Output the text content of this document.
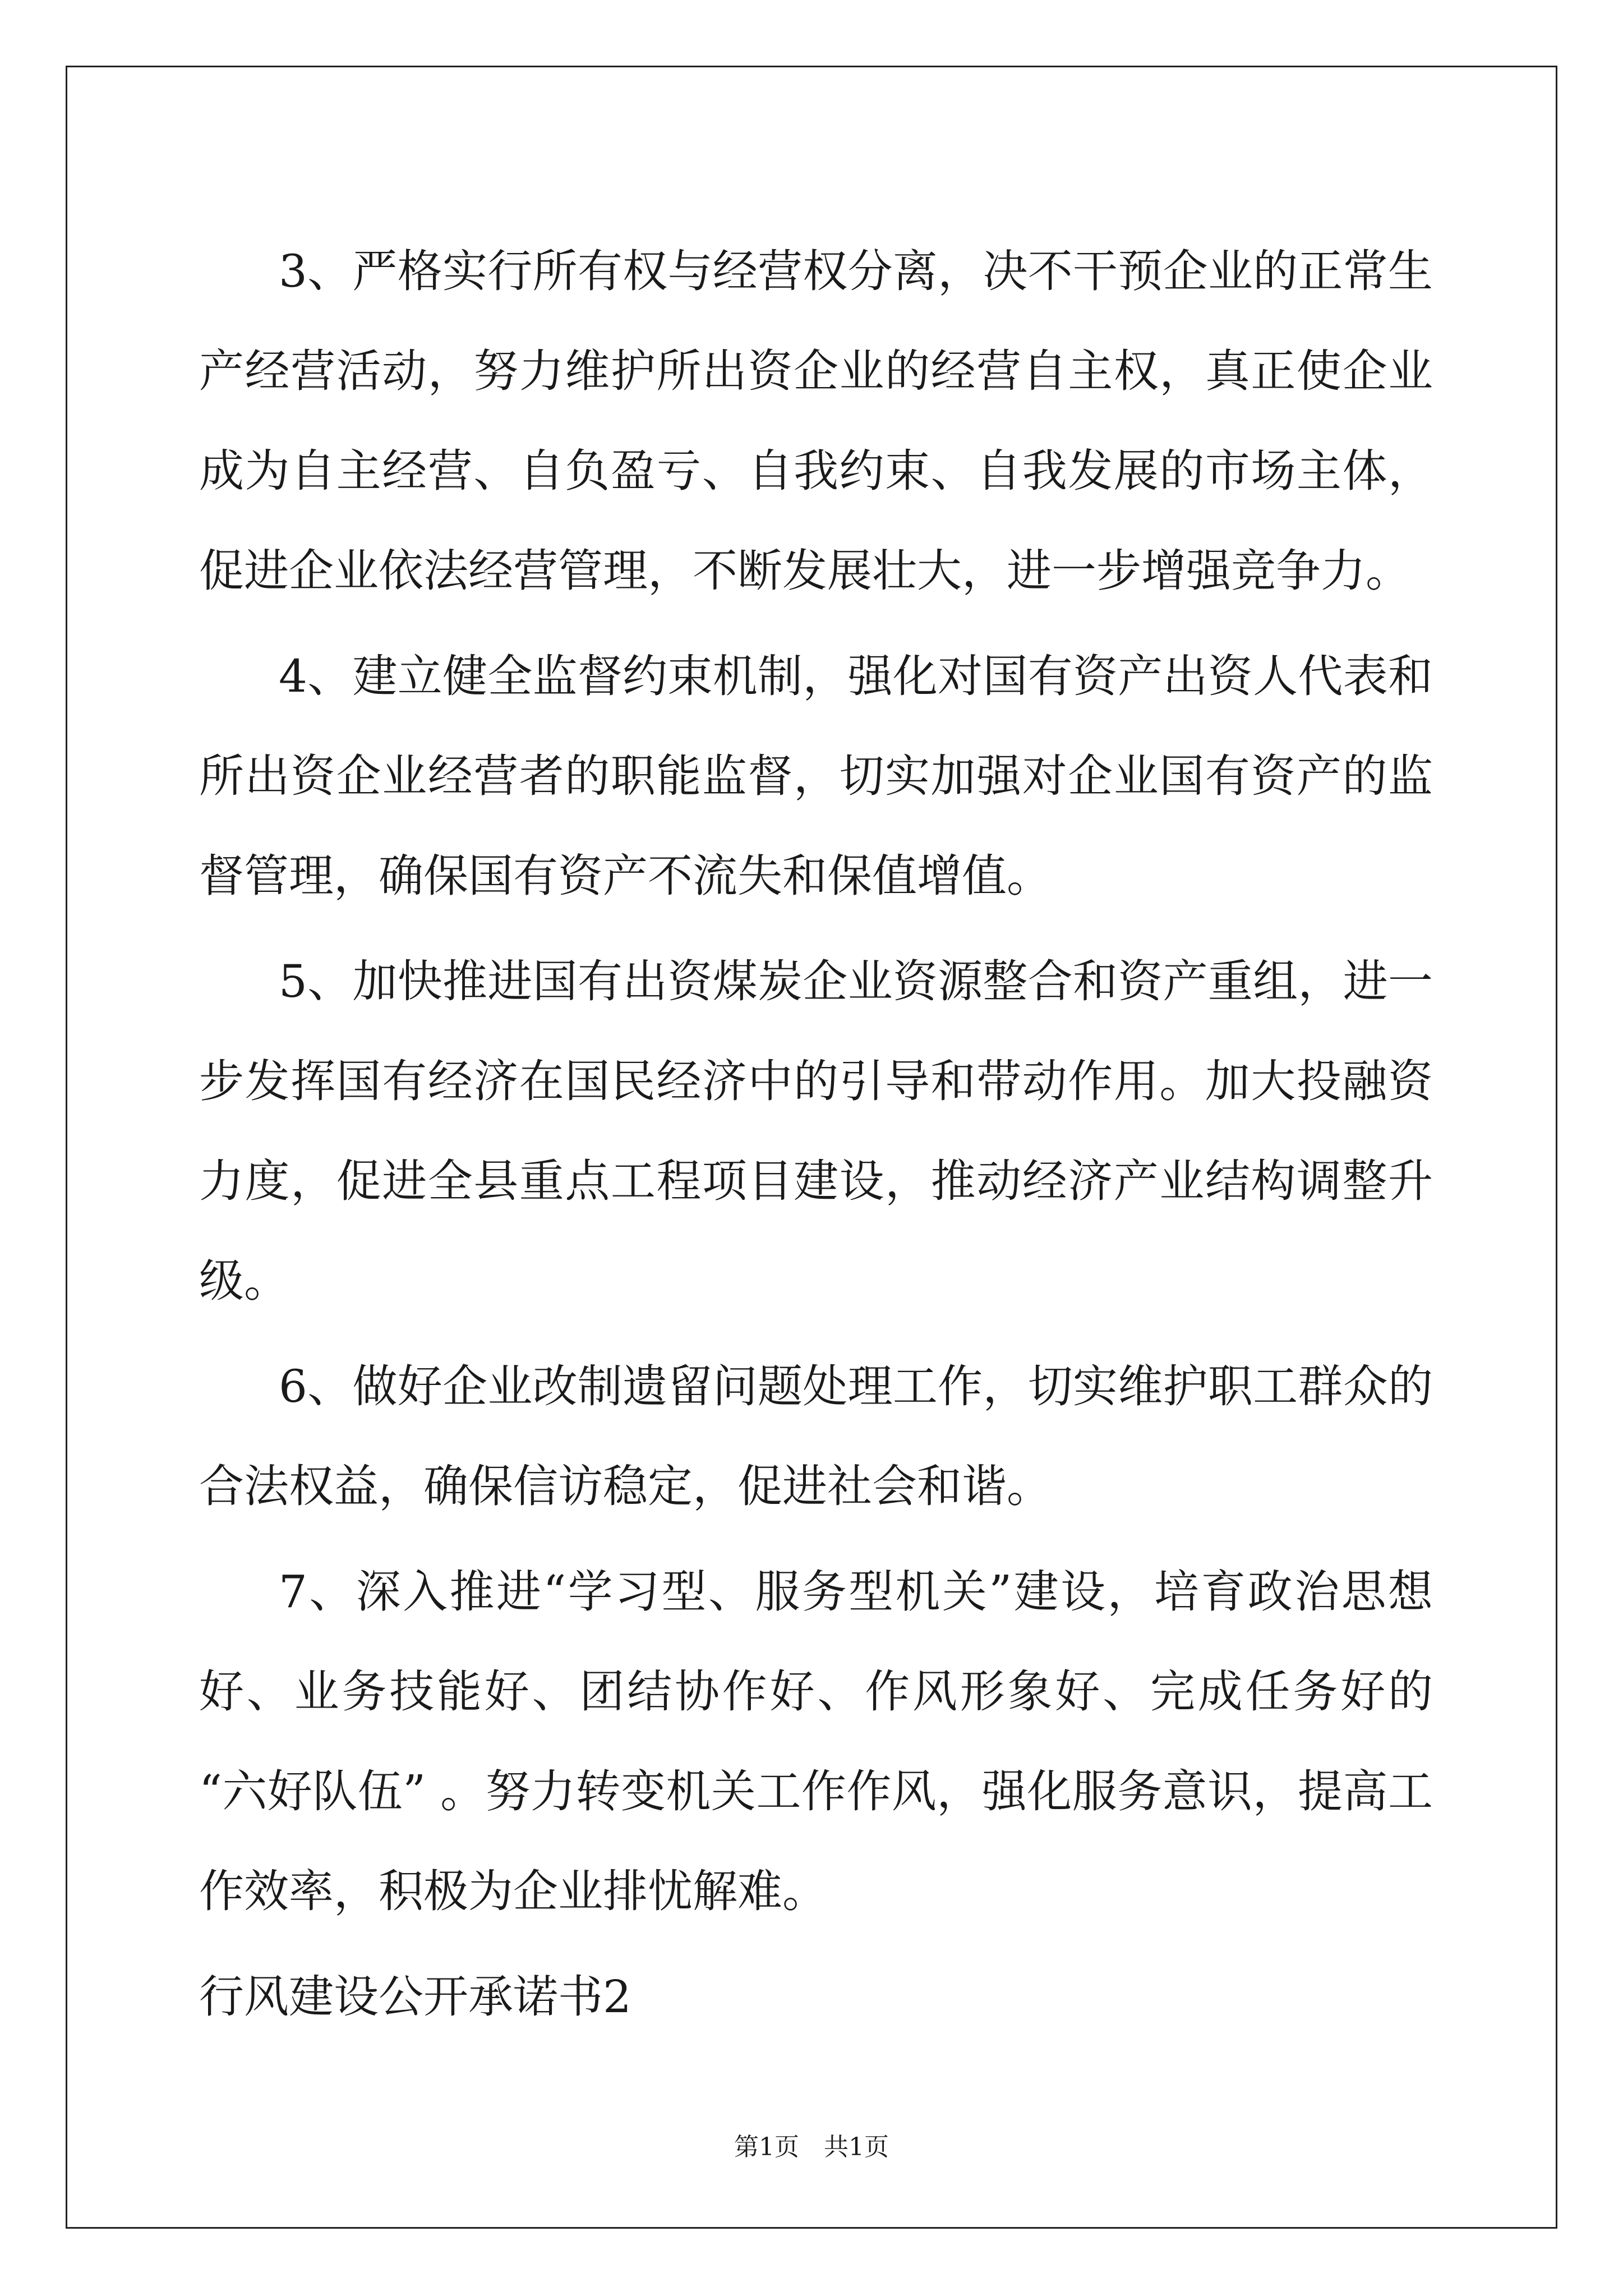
3、严格实行所有权与经营权分离，决不干预企业的正常生产经营活动，努力维护所出资企业的经营自主权，真正使企业成为自主经营、自负盈亏、自我约束、自我发展的市场主体，促进企业依法经营管理，不断发展壮大，进一步增强竞争力。

4、建立健全监督约束机制，强化对国有资产出资人代表和所出资企业经营者的职能监督，切实加强对企业国有资产的监督管理，确保国有资产不流失和保值增值。

5、加快推进国有出资煤炭企业资源整合和资产重组，进一步发挥国有经济在国民经济中的引导和带动作用。加大投融资力度，促进全县重点工程项目建设，推动经济产业结构调整升级。

6、做好企业改制遗留问题处理工作，切实维护职工群众的合法权益，确保信访稳定，促进社会和谐。

7、深入推进“学习型、服务型机关”建设，培育政治思想好、业务技能好、团结协作好、作风形象好、完成任务好的 “六好队伍” 。努力转变机关工作作风，强化服务意识，提高工作效率，积极为企业排忧解难。

行风建设公开承诺书2

第1页 共1页
